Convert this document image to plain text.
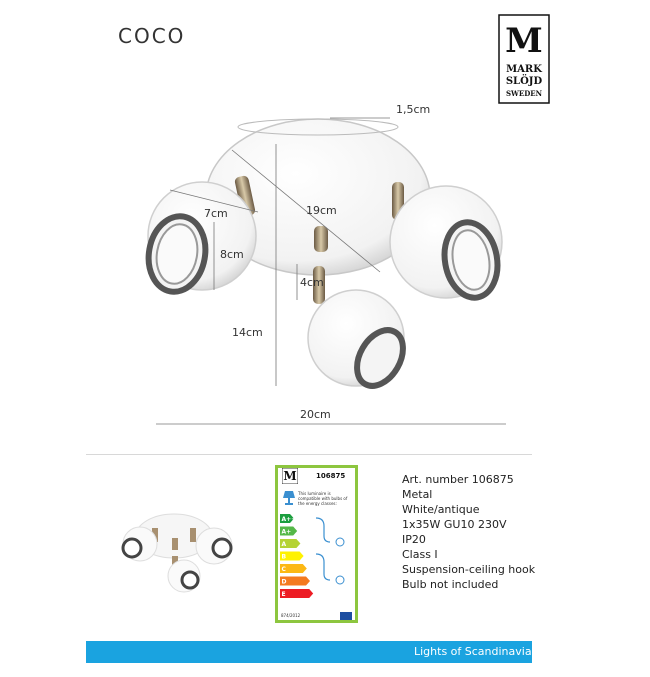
COCO	M
MARK
SLÖJD
SWEDEN
1,5cm
7cm	19cm
8cm
4cm
14cm
20cm
M	106875
This luminaire is compatible with bulbs of the energy classes:
A++
A+
A
B
C
D
E
874/2012
Art. number 106875
Metal
White/antique
1x35W GU10 230V
IP20
Class I
Suspension-ceiling hook
Bulb not included
Lights of Scandinavia
